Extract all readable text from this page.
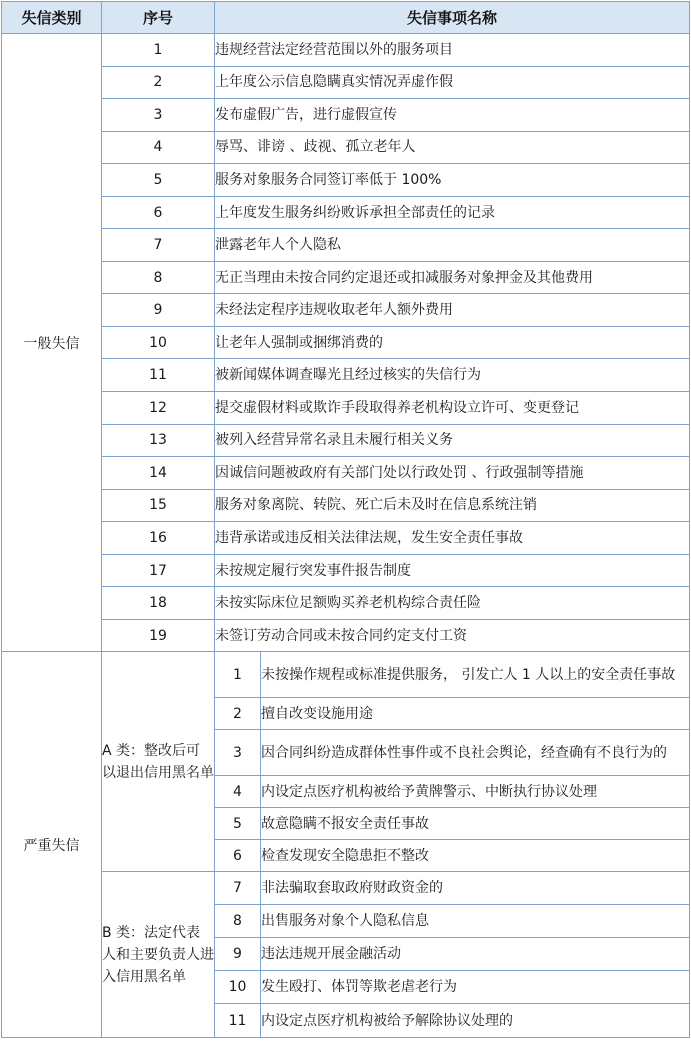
失信类别	序号	失信事项名称	
一般失信	1	违规经营法定经营范围以外的服务项目	
	2	上年度公示信息隐瞒真实情况弄虚作假	
	3	发布虚假广告，进行虚假宣传	
	4	辱骂、诽谤 、歧视、孤立老年人	
	5	服务对象服务合同签订率低于 100%	
	6	上年度发生服务纠纷败诉承担全部责任的记录	
	7	泄露老年人个人隐私	
	8	无正当理由未按合同约定退还或扣减服务对象押金及其他费用	
	9	未经法定程序违规收取老年人额外费用	
	10	让老年人强制或捆绑消费的	
	11	被新闻媒体调查曝光且经过核实的失信行为	
	12	提交虚假材料或欺诈手段取得养老机构设立许可、变更登记	
	13	被列入经营异常名录且未履行相关义务	
	14	因诚信问题被政府有关部门处以行政处罚 、行政强制等措施	
	15	服务对象离院、转院、死亡后未及时在信息系统注销	
	16	违背承诺或违反相关法律法规，发生安全责任事故	
	17	未按规定履行突发事件报告制度	
	18	未按实际床位足额购买养老机构综合责任险	
	19	未签订劳动合同或未按合同约定支付工资	
严重失信	A 类：整改后可以退出信用黑名单	1	未按操作规程或标准提供服务， 引发亡人 1 人以上的安全责任事故
		2	擅自改变设施用途
		3	因合同纠纷造成群体性事件或不良社会舆论，经查确有不良行为的
		4	内设定点医疗机构被给予黄牌警示、中断执行协议处理
		5	故意隐瞒不报安全责任事故
		6	检查发现安全隐患拒不整改
	B 类：法定代表人和主要负责人进入信用黑名单	7	非法骗取套取政府财政资金的
		8	出售服务对象个人隐私信息
		9	违法违规开展金融活动
		10	发生殴打、体罚等欺老虐老行为
		11	内设定点医疗机构被给予解除协议处理的
